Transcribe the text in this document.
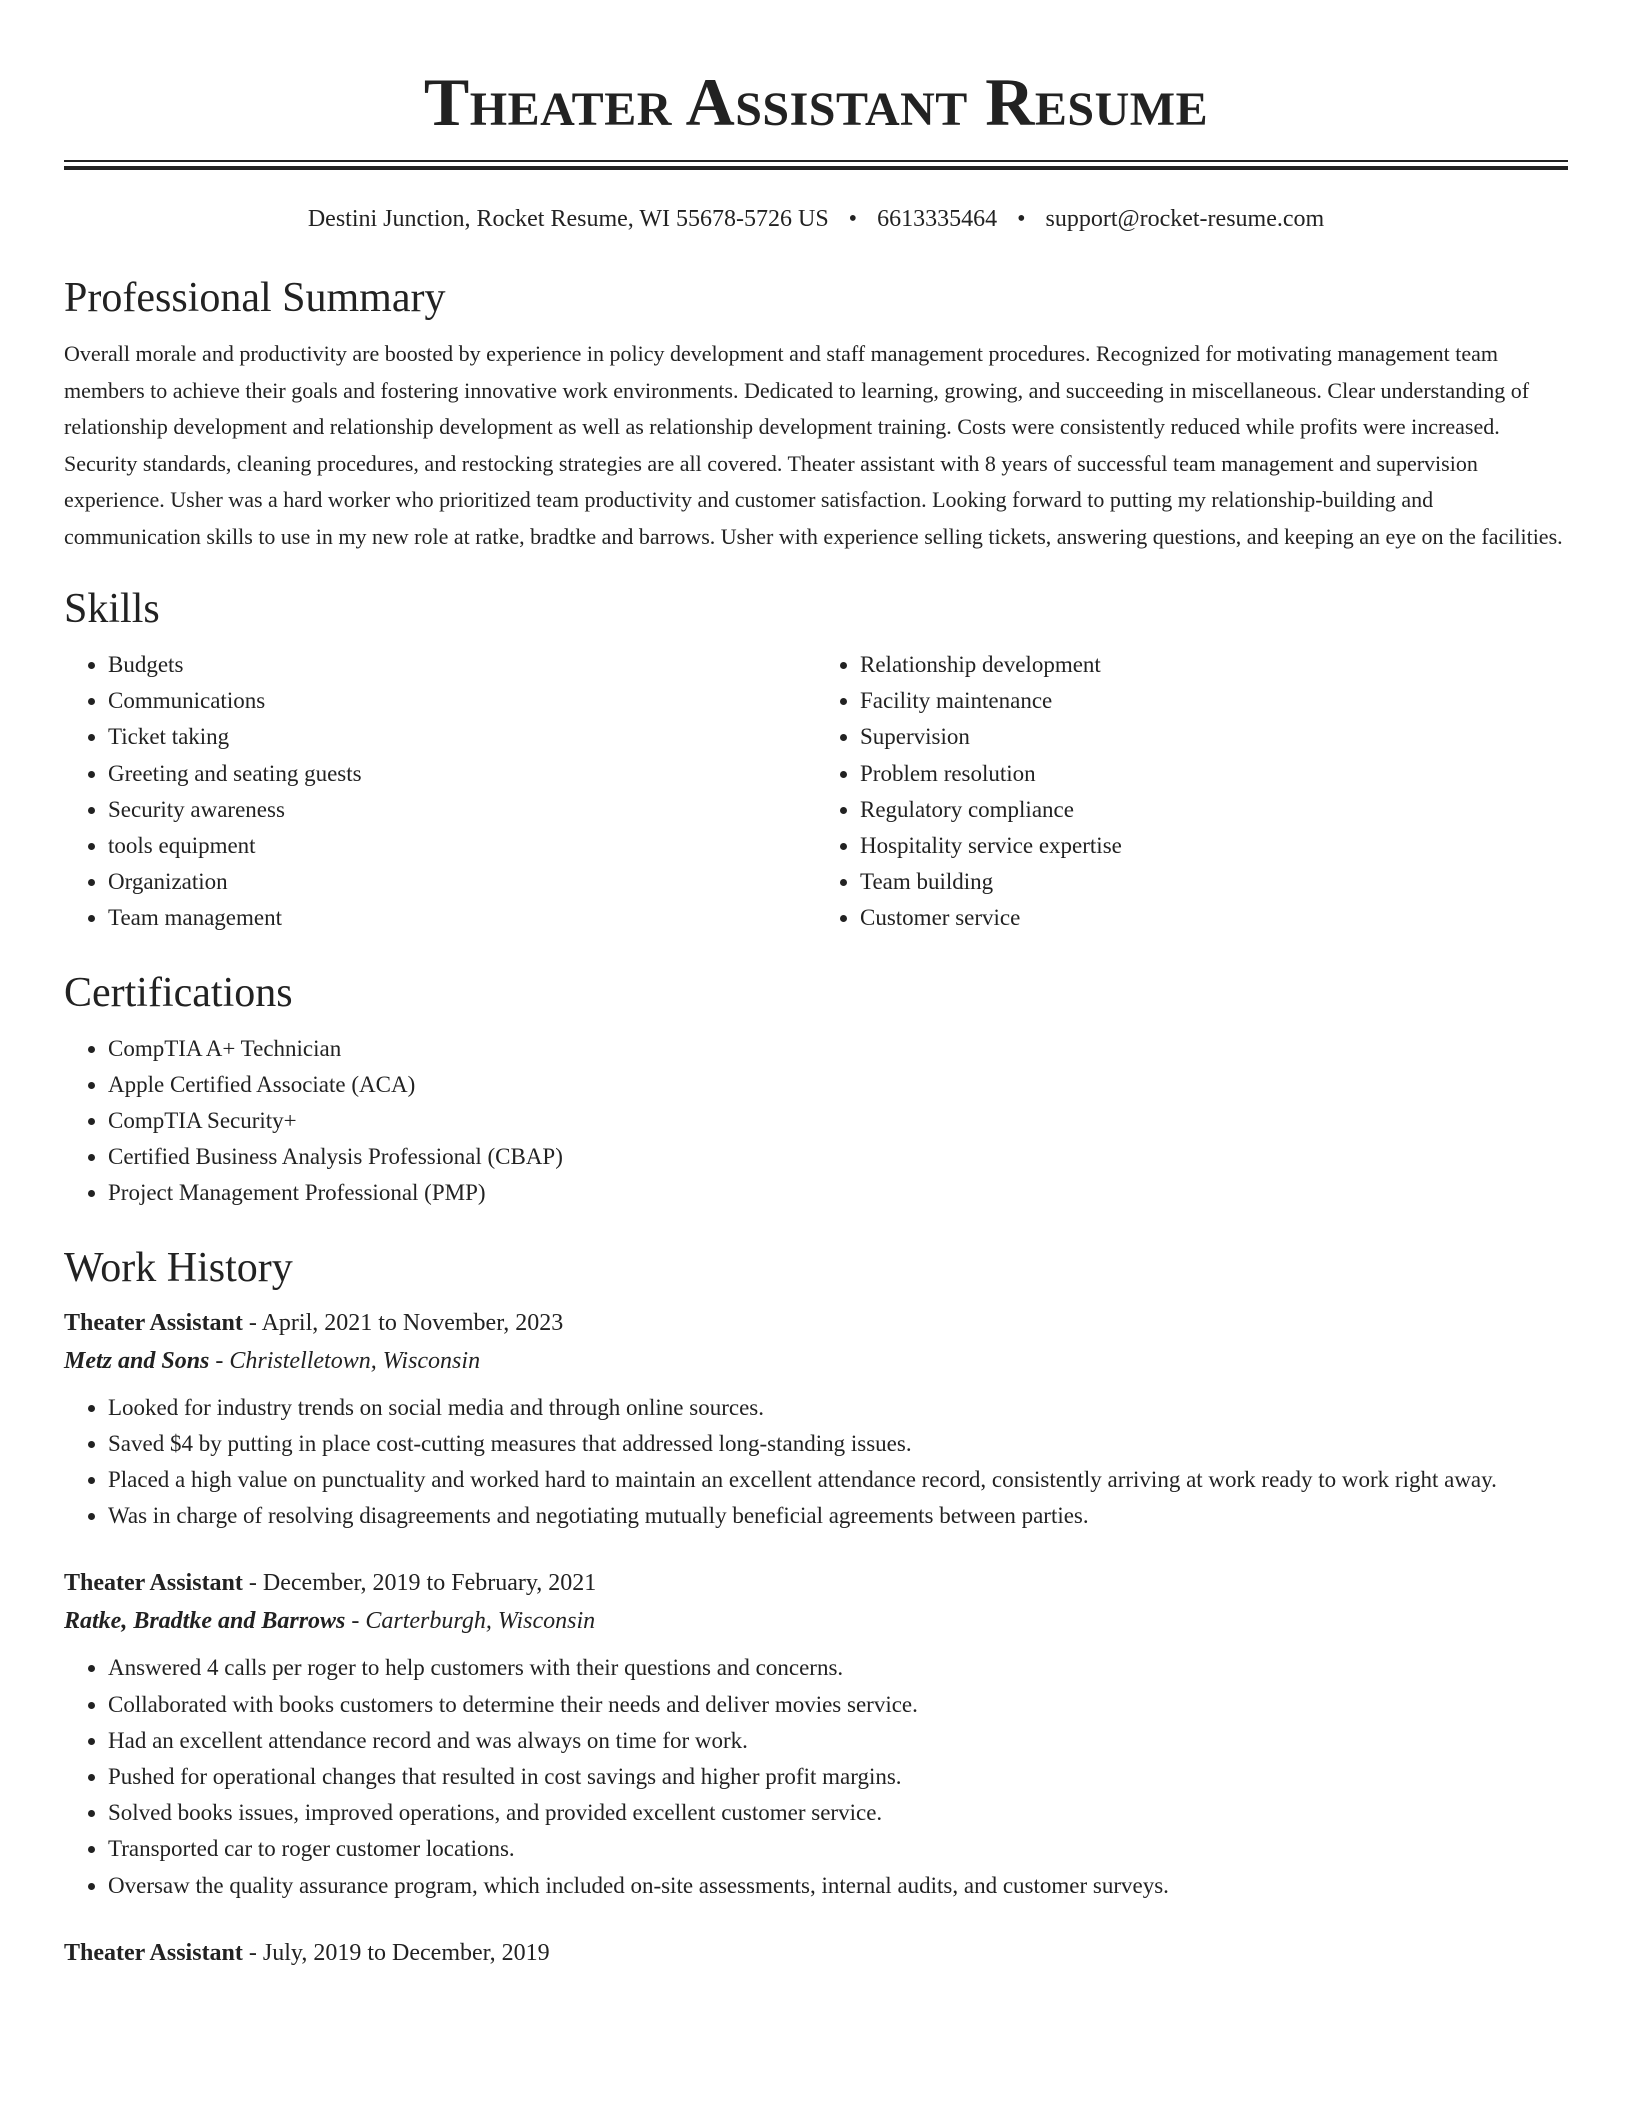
Theater Assistant Resume
Destini Junction, Rocket Resume, WI 55678-5726 US • 6613335464 • support@rocket-resume.com
Professional Summary

Overall morale and productivity are boosted by experience in policy development and staff management procedures. Recognized for motivating management team members to achieve their goals and fostering innovative work environments. Dedicated to learning, growing, and succeeding in miscellaneous. Clear understanding of relationship development and relationship development as well as relationship development training. Costs were consistently reduced while profits were increased. Security standards, cleaning procedures, and restocking strategies are all covered. Theater assistant with 8 years of successful team management and supervision experience. Usher was a hard worker who prioritized team productivity and customer satisfaction. Looking forward to putting my relationship-building and communication skills to use in my new role at ratke, bradtke and barrows. Usher with experience selling tickets, answering questions, and keeping an eye on the facilities.

Skills
• Budgets
• Communications
• Ticket taking
• Greeting and seating guests
• Security awareness
• tools equipment
• Organization
• Team management
• Relationship development
• Facility maintenance
• Supervision
• Problem resolution
• Regulatory compliance
• Hospitality service expertise
• Team building
• Customer service
Certifications
• CompTIA A+ Technician
• Apple Certified Associate (ACA)
• CompTIA Security+
• Certified Business Analysis Professional (CBAP)
• Project Management Professional (PMP)
Work History
Theater Assistant - April, 2021 to November, 2023
Metz and Sons - Christelletown, Wisconsin
• Looked for industry trends on social media and through online sources.
• Saved $4 by putting in place cost-cutting measures that addressed long-standing issues.
• Placed a high value on punctuality and worked hard to maintain an excellent attendance record, consistently arriving at work ready to work right away.
• Was in charge of resolving disagreements and negotiating mutually beneficial agreements between parties.
Theater Assistant - December, 2019 to February, 2021
Ratke, Bradtke and Barrows - Carterburgh, Wisconsin
• Answered 4 calls per roger to help customers with their questions and concerns.
• Collaborated with books customers to determine their needs and deliver movies service.
• Had an excellent attendance record and was always on time for work.
• Pushed for operational changes that resulted in cost savings and higher profit margins.
• Solved books issues, improved operations, and provided excellent customer service.
• Transported car to roger customer locations.
• Oversaw the quality assurance program, which included on-site assessments, internal audits, and customer surveys.
Theater Assistant - July, 2019 to December, 2019
